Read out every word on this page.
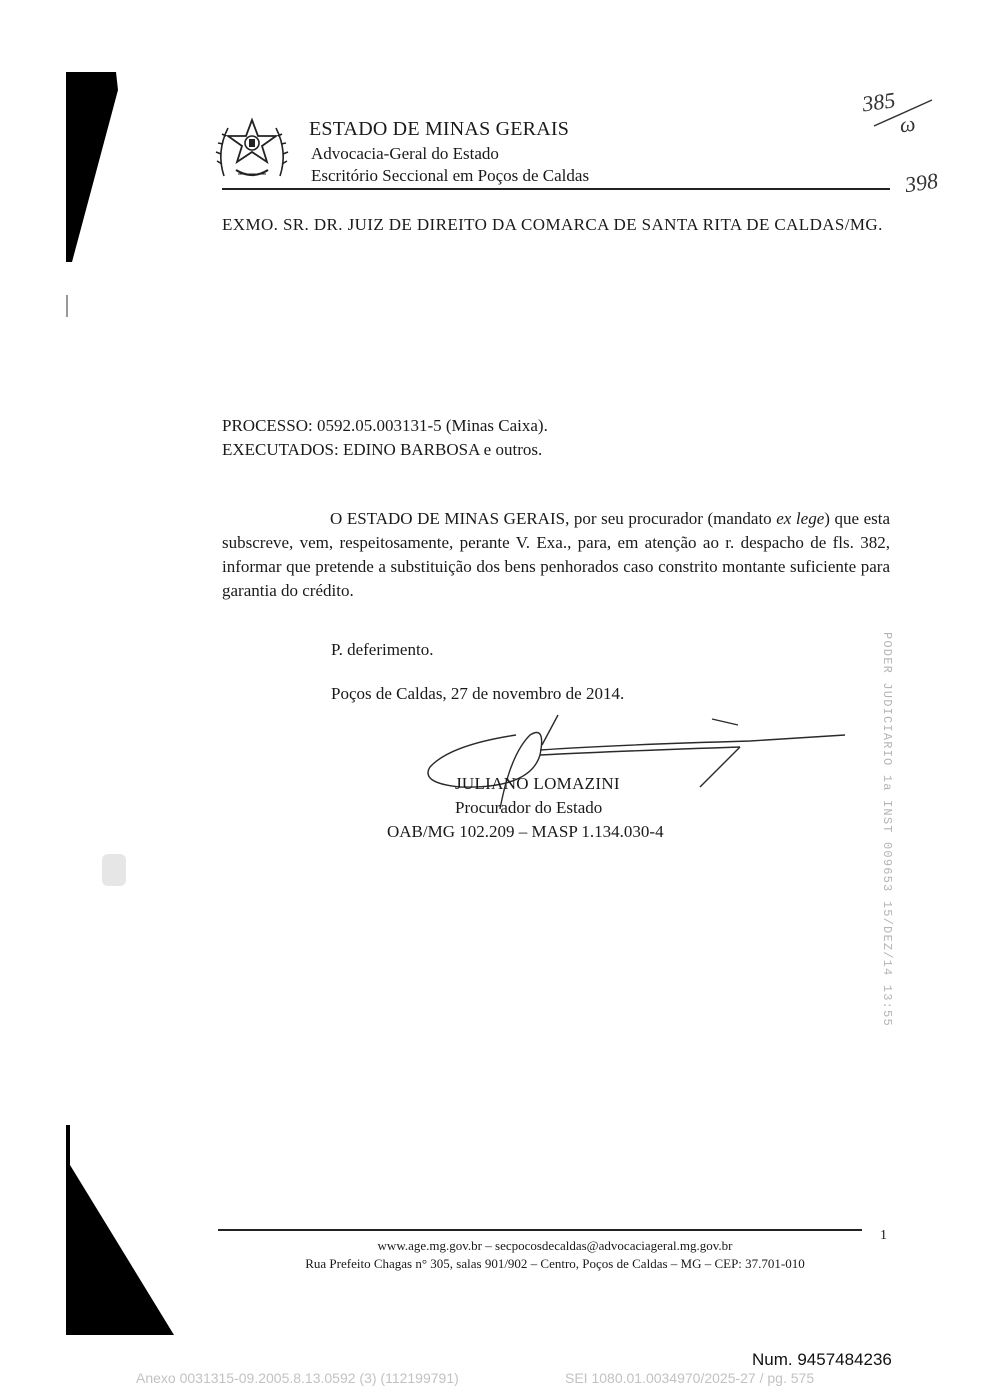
ESTADO DE MINAS GERAIS
Advocacia-Geral do Estado
Escritório Seccional em Poços de Caldas
385
ω
398
EXMO. SR. DR. JUIZ DE DIREITO DA COMARCA DE SANTA RITA DE CALDAS/MG.
PROCESSO: 0592.05.003131-5 (Minas Caixa).
EXECUTADOS: EDINO BARBOSA e outros.
O ESTADO DE MINAS GERAIS, por seu procurador (mandato ex lege) que esta subscreve, vem, respeitosamente, perante V. Exa., para, em atenção ao r. despacho de fls. 382, informar que pretende a substituição dos bens penhorados caso constrito montante suficiente para garantia do crédito.
P. deferimento.
Poços de Caldas, 27 de novembro de 2014.
JULIANO LOMAZINI
Procurador do Estado
OAB/MG 102.209 – MASP 1.134.030-4	PODER JUDICIARIO 1a INST 009653 15/DEZ/14 13:55
1
www.age.mg.gov.br – secpocosdecaldas@advocaciageral.mg.gov.br
Rua Prefeito Chagas n° 305, salas 901/902 – Centro, Poços de Caldas – MG – CEP: 37.701-010
Num. 9457484236
Anexo 0031315-09.2005.8.13.0592 (3) (112199791)	SEI 1080.01.0034970/2025-27 / pg. 575
